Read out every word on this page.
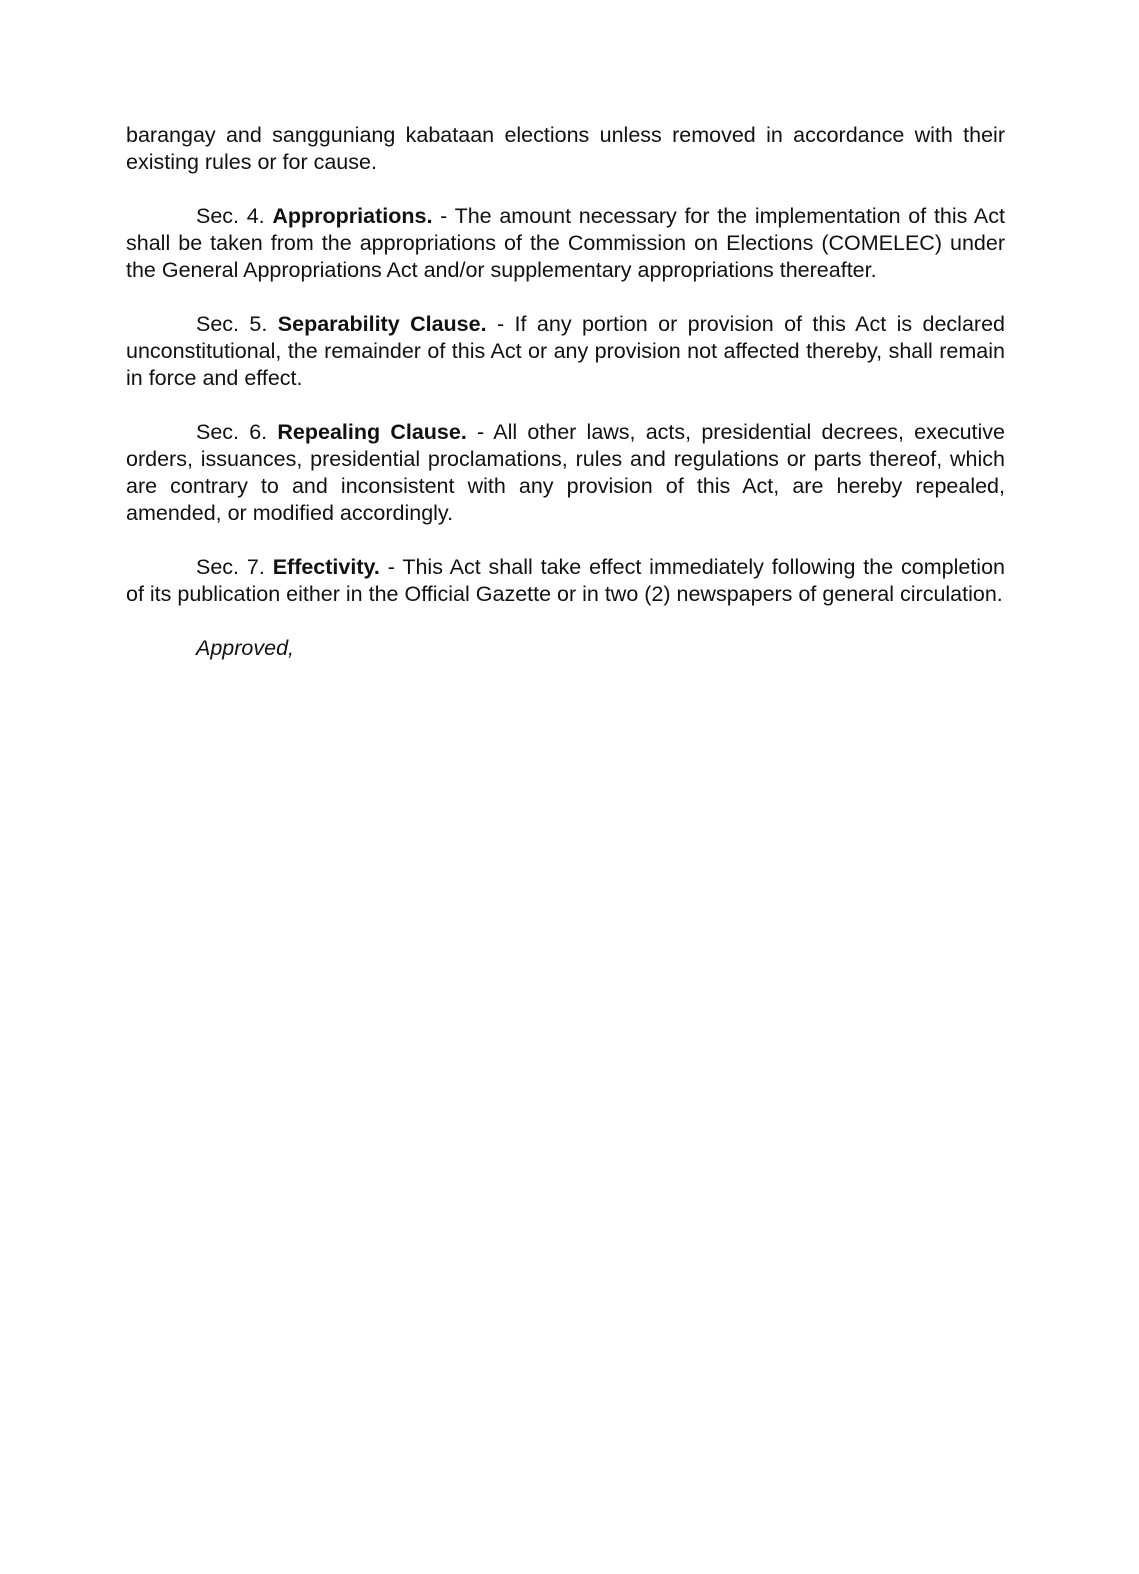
barangay and sangguniang kabataan elections unless removed in accordance with their existing rules or for cause.

Sec. 4. Appropriations. - The amount necessary for the implementation of this Act shall be taken from the appropriations of the Commission on Elections (COMELEC) under the General Appropriations Act and/or supplementary appropriations thereafter.

Sec. 5. Separability Clause. - If any portion or provision of this Act is declared unconstitutional, the remainder of this Act or any provision not affected thereby, shall remain in force and effect.

Sec. 6. Repealing Clause. - All other laws, acts, presidential decrees, executive orders, issuances, presidential proclamations, rules and regulations or parts thereof, which are contrary to and inconsistent with any provision of this Act, are hereby repealed, amended, or modified accordingly.

Sec. 7. Effectivity. - This Act shall take effect immediately following the completion of its publication either in the Official Gazette or in two (2) newspapers of general circulation.

Approved,
